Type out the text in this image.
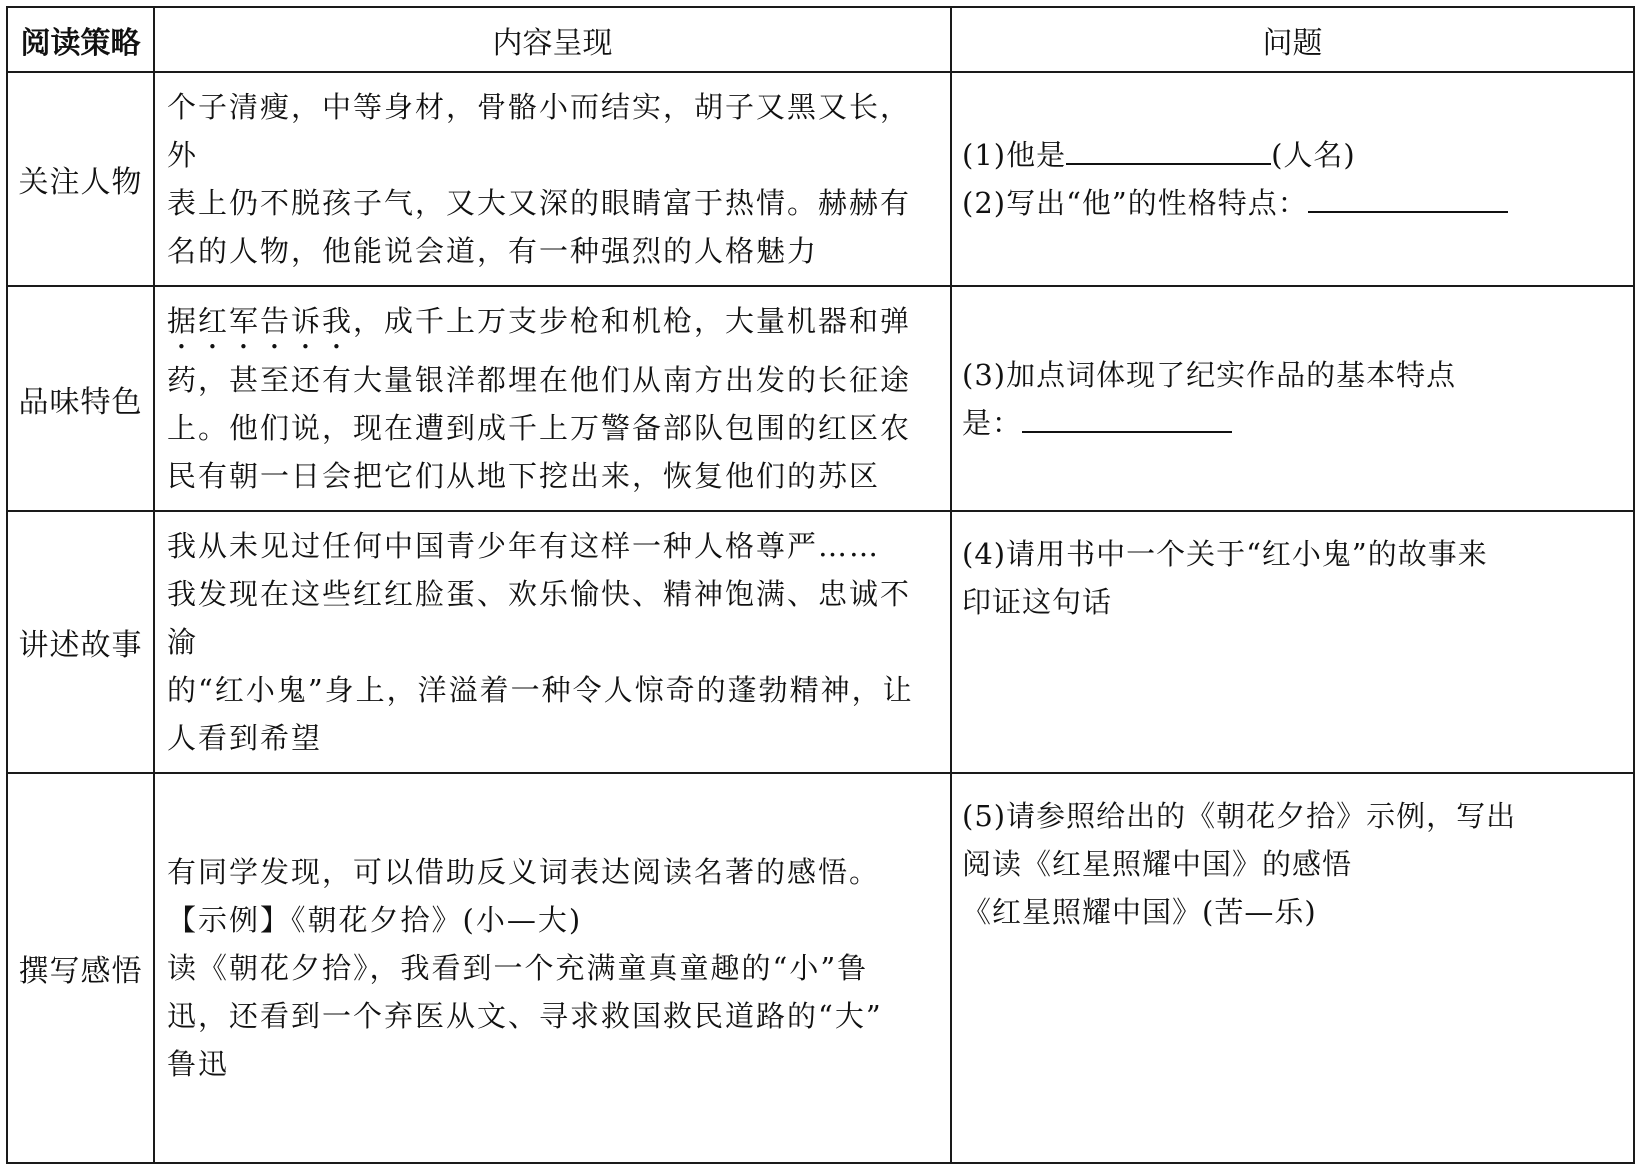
阅读策略	内容呈现	问题
关注人物	个子清瘦，中等身材，骨骼小而结实，胡子又黑又长，外
表上仍不脱孩子气，又大又深的眼睛富于热情。赫赫有
名的人物，他能说会道，有一种强烈的人格魅力	(1)他是 (人名)
(2)写出“他”的性格特点：

品味特色	据红军告诉我，成千上万支步枪和机枪，大量机器和弹
药，甚至还有大量银洋都埋在他们从南方出发的长征途
上。他们说，现在遭到成千上万警备部队包围的红区农
民有朝一日会把它们从地下挖出来，恢复他们的苏区	(3)加点词体现了纪实作品的基本特点
是：

讲述故事	我从未见过任何中国青少年有这样一种人格尊严……
我发现在这些红红脸蛋、欢乐愉快、精神饱满、忠诚不渝
的“红小鬼”身上，洋溢着一种令人惊奇的蓬勃精神，让
人看到希望	(4)请用书中一个关于“红小鬼”的故事来
印证这句话

撰写感悟	有同学发现，可以借助反义词表达阅读名著的感悟。
【示例】《朝花夕拾》(小—大)
读《朝花夕拾》，我看到一个充满童真童趣的“小”鲁
迅，还看到一个弃医从文、寻求救国救民道路的“大”
鲁迅	(5)请参照给出的《朝花夕拾》示例，写出
阅读《红星照耀中国》的感悟
《红星照耀中国》(苦—乐)
